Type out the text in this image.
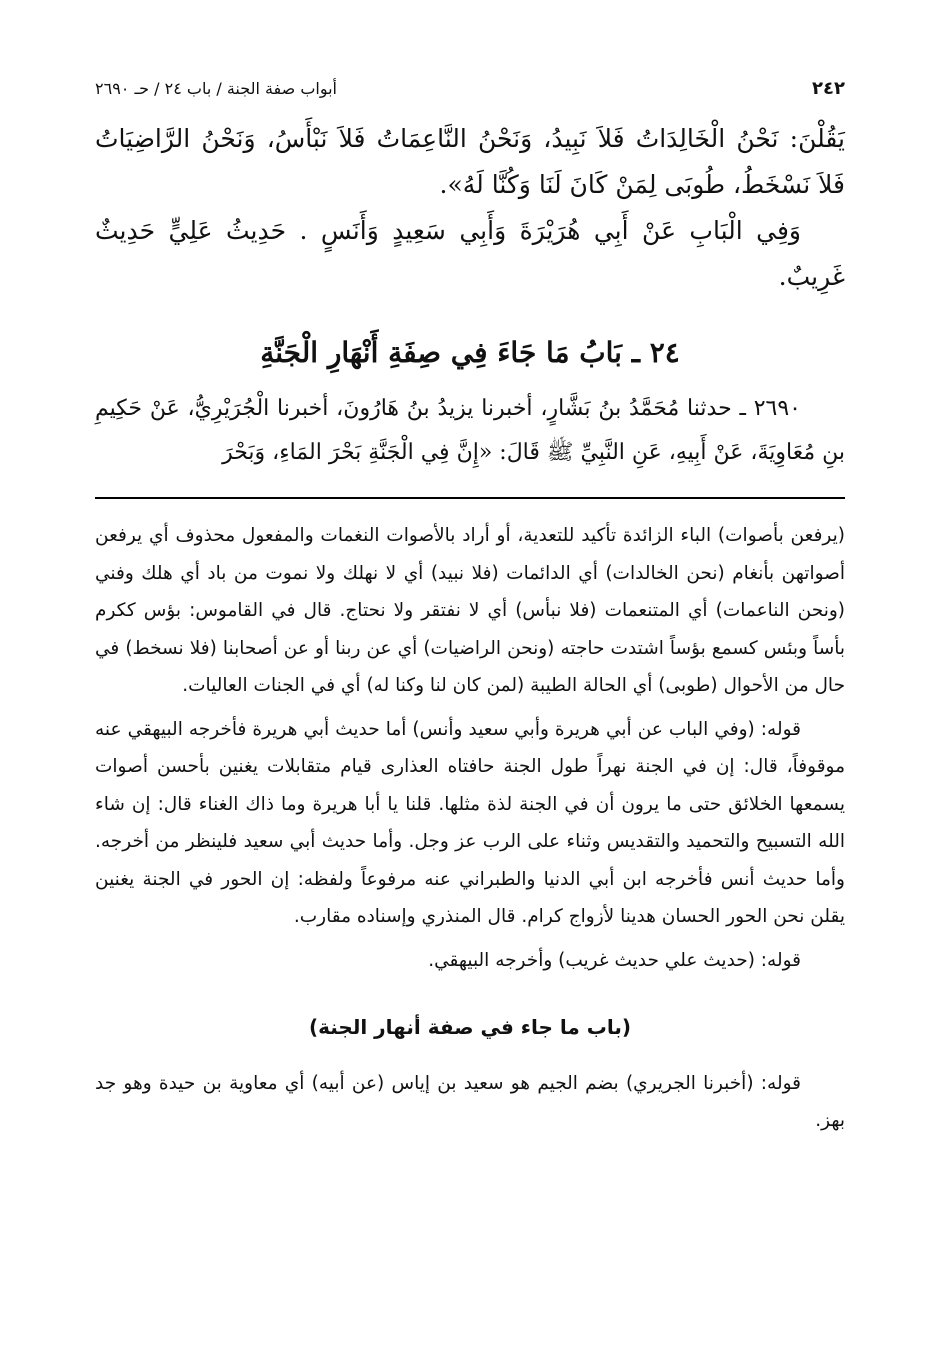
٢٤٢
أبواب صفة الجنة / باب ٢٤ / حـ ٢٦٩٠

يَقُلْنَ: نَحْنُ الْخَالِدَاتُ فَلاَ نَبِيدُ، وَنَحْنُ النَّاعِمَاتُ فَلاَ نَبْأَسُ، وَنَحْنُ الرَّاضِيَاتُ فَلاَ نَسْخَطُ، طُوبَى لِمَنْ كَانَ لَنَا وَكُنَّا لَهُ».

وَفِي الْبَابِ عَنْ أَبِي هُرَيْرَةَ وَأَبِي سَعِيدٍ وَأَنَسٍ . حَدِيثُ عَلِيٍّ حَدِيثٌ غَرِيبٌ.

٢٤ ـ بَابُ مَا جَاءَ فِي صِفَةِ أَنْهَارِ الْجَنَّةِ

٢٦٩٠ ـ حدثنا مُحَمَّدُ بنُ بَشَّارٍ، أخبرنا يزيدُ بنُ هَارُونَ، أخبرنا الْجُرَيْرِيُّ، عَنْ حَكِيمِ بنِ مُعَاوِيَةَ، عَنْ أَبِيهِ، عَنِ النَّبِيِّ ﷺ قَالَ: «إِنَّ فِي الْجَنَّةِ بَحْرَ المَاءِ، وَبَحْرَ

(يرفعن بأصوات) الباء الزائدة تأكيد للتعدية، أو أراد بالأصوات النغمات والمفعول محذوف أي يرفعن أصواتهن بأنغام (نحن الخالدات) أي الدائمات (فلا نبيد) أي لا نهلك ولا نموت من باد أي هلك وفني (ونحن الناعمات) أي المتنعمات (فلا نبأس) أي لا نفتقر ولا نحتاج. قال في القاموس: بؤس ككرم بأساً وبئس كسمع بؤساً اشتدت حاجته (ونحن الراضيات) أي عن ربنا أو عن أصحابنا (فلا نسخط) في حال من الأحوال (طوبى) أي الحالة الطيبة (لمن كان لنا وكنا له) أي في الجنات العاليات.

قوله: (وفي الباب عن أبي هريرة وأبي سعيد وأنس) أما حديث أبي هريرة فأخرجه البيهقي عنه موقوفاً، قال: إن في الجنة نهراً طول الجنة حافتاه العذارى قيام متقابلات يغنين بأحسن أصوات يسمعها الخلائق حتى ما يرون أن في الجنة لذة مثلها. قلنا يا أبا هريرة وما ذاك الغناء قال: إن شاء الله التسبيح والتحميد والتقديس وثناء على الرب عز وجل. وأما حديث أبي سعيد فلينظر من أخرجه. وأما حديث أنس فأخرجه ابن أبي الدنيا والطبراني عنه مرفوعاً ولفظه: إن الحور في الجنة يغنين يقلن نحن الحور الحسان هدينا لأزواج كرام. قال المنذري وإسناده مقارب.

قوله: (حديث علي حديث غريب) وأخرجه البيهقي.

(باب ما جاء في صفة أنهار الجنة)

قوله: (أخبرنا الجريري) بضم الجيم هو سعيد بن إياس (عن أبيه) أي معاوية بن حيدة وهو جد بهز.
